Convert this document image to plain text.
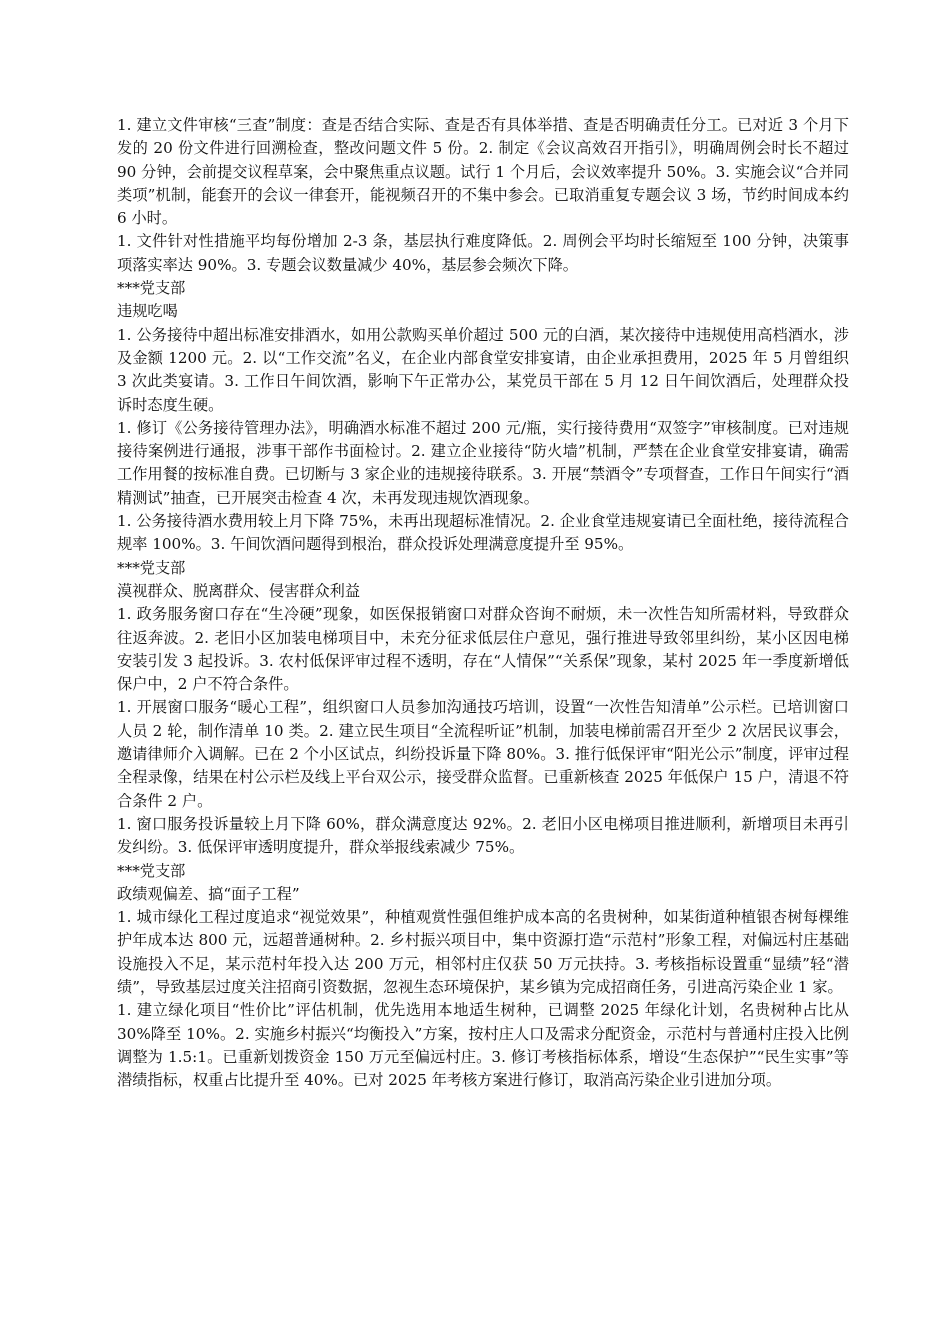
1. 建立文件审核“三查”制度：查是否结合实际、查是否有具体举措、查是否明确责任分工。已对近 3 个月下发的 20 份文件进行回溯检查，整改问题文件 5 份。2. 制定《会议高效召开指引》，明确周例会时长不超过 90 分钟，会前提交议程草案，会中聚焦重点议题。试行 1 个月后，会议效率提升 50%。3. 实施会议“合并同类项”机制，能套开的会议一律套开，能视频召开的不集中参会。已取消重复专题会议 3 场，节约时间成本约 6 小时。

1. 文件针对性措施平均每份增加 2-3 条，基层执行难度降低。2. 周例会平均时长缩短至 100 分钟，决策事项落实率达 90%。3. 专题会议数量减少 40%，基层参会频次下降。

***党支部

违规吃喝

1. 公务接待中超出标准安排酒水，如用公款购买单价超过 500 元的白酒，某次接待中违规使用高档酒水，涉及金额 1200 元。2. 以“工作交流”名义，在企业内部食堂安排宴请，由企业承担费用，2025 年 5 月曾组织 3 次此类宴请。3. 工作日午间饮酒，影响下午正常办公，某党员干部在 5 月 12 日午间饮酒后，处理群众投诉时态度生硬。

1. 修订《公务接待管理办法》，明确酒水标准不超过 200 元/瓶，实行接待费用“双签字”审核制度。已对违规接待案例进行通报，涉事干部作书面检讨。2. 建立企业接待“防火墙”机制，严禁在企业食堂安排宴请，确需工作用餐的按标准自费。已切断与 3 家企业的违规接待联系。3. 开展“禁酒令”专项督查，工作日午间实行“酒精测试”抽查，已开展突击检查 4 次，未再发现违规饮酒现象。

1. 公务接待酒水费用较上月下降 75%，未再出现超标准情况。2. 企业食堂违规宴请已全面杜绝，接待流程合规率 100%。3. 午间饮酒问题得到根治，群众投诉处理满意度提升至 95%。

***党支部

漠视群众、脱离群众、侵害群众利益

1. 政务服务窗口存在“生冷硬”现象，如医保报销窗口对群众咨询不耐烦，未一次性告知所需材料，导致群众往返奔波。2. 老旧小区加装电梯项目中，未充分征求低层住户意见，强行推进导致邻里纠纷，某小区因电梯安装引发 3 起投诉。3. 农村低保评审过程不透明，存在“人情保”“关系保”现象，某村 2025 年一季度新增低保户中，2 户不符合条件。

1. 开展窗口服务“暖心工程”，组织窗口人员参加沟通技巧培训，设置“一次性告知清单”公示栏。已培训窗口人员 2 轮，制作清单 10 类。2. 建立民生项目“全流程听证”机制，加装电梯前需召开至少 2 次居民议事会，邀请律师介入调解。已在 2 个小区试点，纠纷投诉量下降 80%。3. 推行低保评审“阳光公示”制度，评审过程全程录像，结果在村公示栏及线上平台双公示，接受群众监督。已重新核查 2025 年低保户 15 户，清退不符合条件 2 户。

1. 窗口服务投诉量较上月下降 60%，群众满意度达 92%。2. 老旧小区电梯项目推进顺利，新增项目未再引发纠纷。3. 低保评审透明度提升，群众举报线索减少 75%。

***党支部

政绩观偏差、搞“面子工程”

1. 城市绿化工程过度追求“视觉效果”，种植观赏性强但维护成本高的名贵树种，如某街道种植银杏树每棵维护年成本达 800 元，远超普通树种。2. 乡村振兴项目中，集中资源打造“示范村”形象工程，对偏远村庄基础设施投入不足，某示范村年投入达 200 万元，相邻村庄仅获 50 万元扶持。3. 考核指标设置重“显绩”轻“潜绩”，导致基层过度关注招商引资数据，忽视生态环境保护，某乡镇为完成招商任务，引进高污染企业 1 家。

1. 建立绿化项目“性价比”评估机制，优先选用本地适生树种，已调整 2025 年绿化计划，名贵树种占比从 30%降至 10%。2. 实施乡村振兴“均衡投入”方案，按村庄人口及需求分配资金，示范村与普通村庄投入比例调整为 1.5:1。已重新划拨资金 150 万元至偏远村庄。3. 修订考核指标体系，增设“生态保护”“民生实事”等潜绩指标，权重占比提升至 40%。已对 2025 年考核方案进行修订，取消高污染企业引进加分项。
